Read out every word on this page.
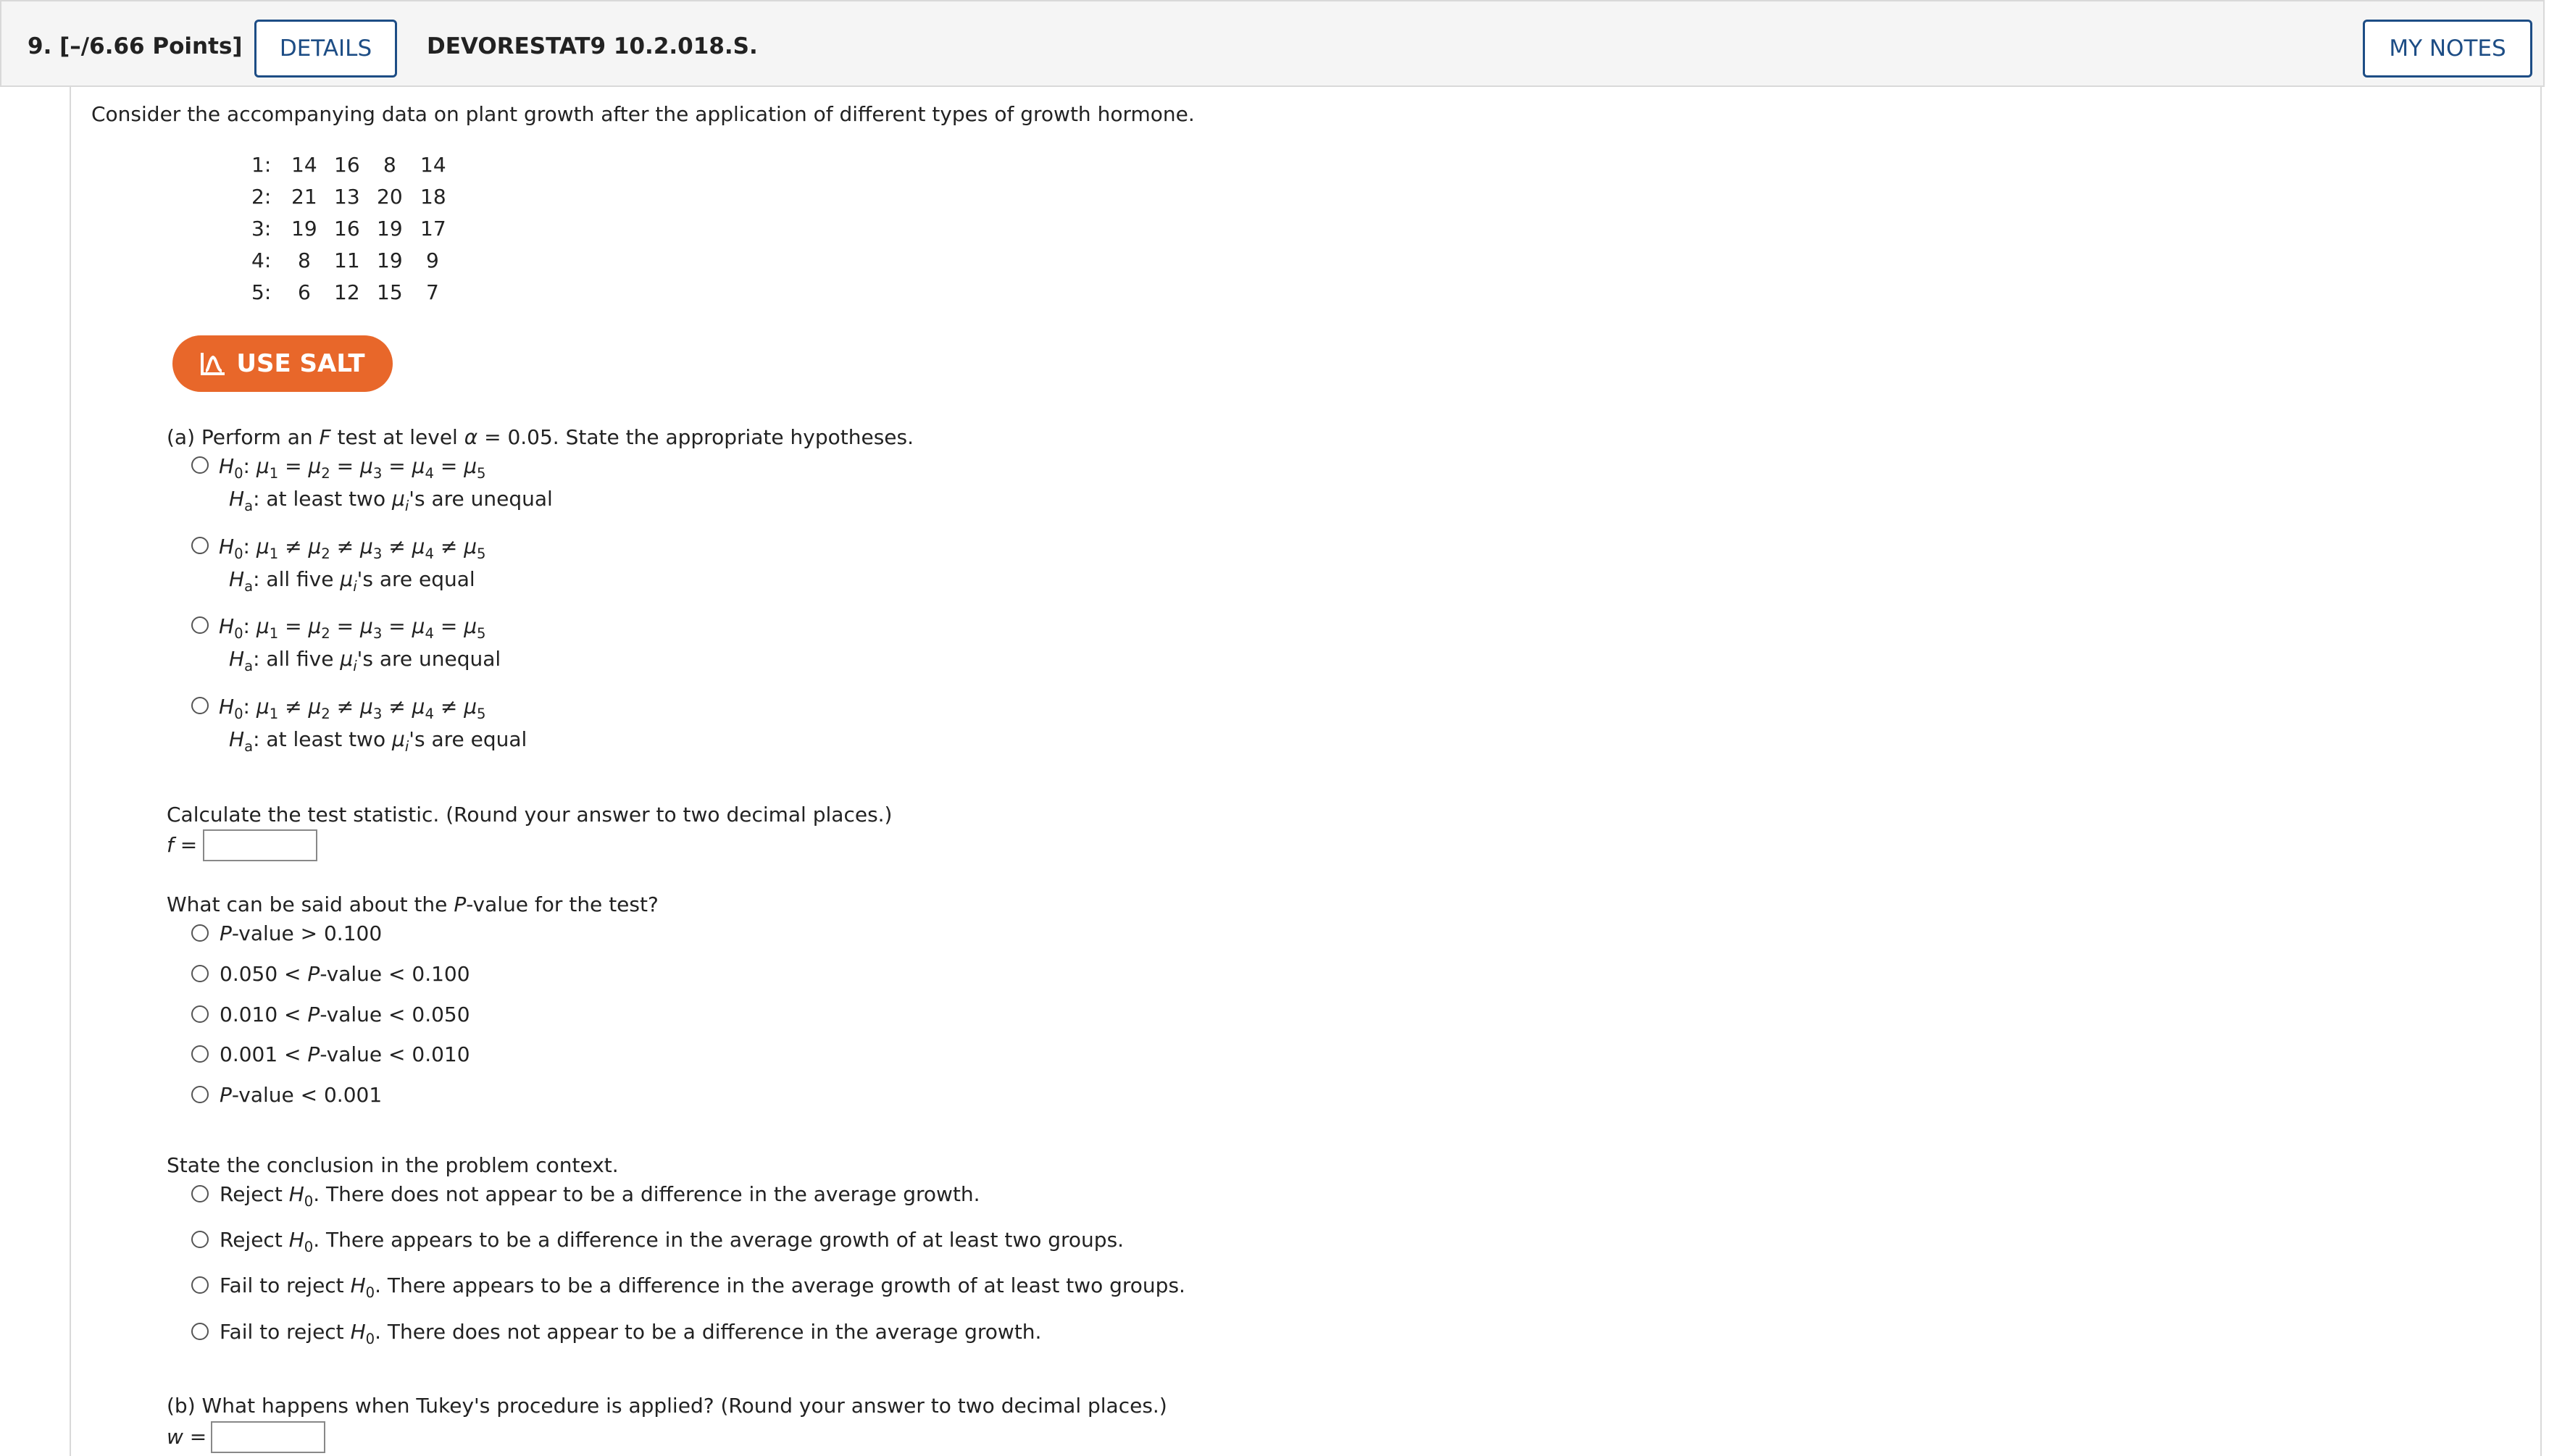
9. [–/6.66 Points]	DETAILS	DEVORESTAT9 10.2.018.S.	MY NOTES
Consider the accompanying data on plant growth after the application of different types of growth hormone.
1: 14 16 8 14
2: 21 13 20 18
3: 19 16 19 17
4: 8 11 19 9
5: 6 12 15 7
USE SALT
(a) Perform an F test at level α = 0.05. State the appropriate hypotheses.
$H_0$: $\mu_1 = \mu_2 = \mu_3 = \mu_4 = \mu_5$
$H_a$: at least two $\mu_i's$ are unequal
$H_0$: $\mu_1 \ne \mu_2 \ne \mu_3 \ne \mu_4 \ne \mu_5$
$H_a$: all five $\mu_i's$ are equal
$H_0$: $\mu_1 = \mu_2 = \mu_3 = \mu_4 = \mu_5$
$H_a$: all five $\mu_i's$ are unequal
$H_0$: $\mu_1 \ne \mu_2 \ne \mu_3 \ne \mu_4 \ne \mu_5$
$H_a$: at least two $\mu_i's$ are equal
Calculate the test statistic. (Round your answer to two decimal places.)
f =
What can be said about the P-value for the test?
P-value > 0.100
0.050 < P-value < 0.100
0.010 < P-value < 0.050
0.001 < P-value < 0.010
P-value < 0.001
State the conclusion in the problem context.
Reject $H_0$. There does not appear to be a difference in the average growth.
Reject $H_0$. There appears to be a difference in the average growth of at least two groups.
Fail to reject $H_0$. There appears to be a difference in the average growth of at least two groups.
Fail to reject $H_0$. There does not appear to be a difference in the average growth.
(b) What happens when Tukey's procedure is applied? (Round your answer to two decimal places.)
w =
